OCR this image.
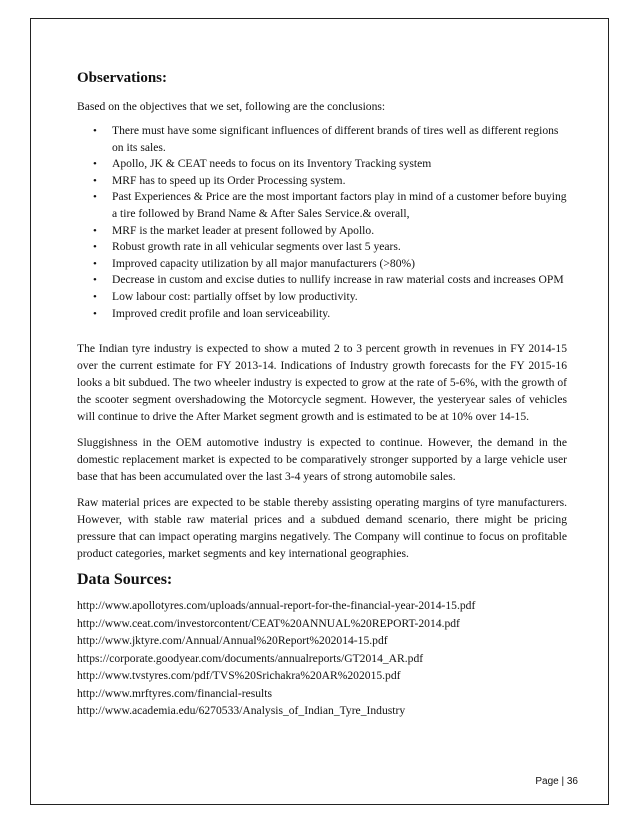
Observations:

Based on the objectives that we set, following are the conclusions:

• There must have some significant influences of different brands of tires well as different regions on its sales.
• Apollo, JK & CEAT needs to focus on its Inventory Tracking system
• MRF has to speed up its Order Processing system.
• Past Experiences & Price are the most important factors play in mind of a customer before buying a tire followed by Brand Name & After Sales Service.& overall,
• MRF is the market leader at present followed by Apollo.
• Robust growth rate in all vehicular segments over last 5 years.
• Improved capacity utilization by all major manufacturers (>80%)
• Decrease in custom and excise duties to nullify increase in raw material costs and increases OPM
• Low labour cost: partially offset by low productivity.
• Improved credit profile and loan serviceability.

The Indian tyre industry is expected to show a muted 2 to 3 percent growth in revenues in FY 2014-15 over the current estimate for FY 2013-14. Indications of Industry growth forecasts for the FY 2015-16 looks a bit subdued. The two wheeler industry is expected to grow at the rate of 5-6%, with the growth of the scooter segment overshadowing the Motorcycle segment. However, the yesteryear sales of vehicles will continue to drive the After Market segment growth and is estimated to be at 10% over 14-15.

Sluggishness in the OEM automotive industry is expected to continue. However, the demand in the domestic replacement market is expected to be comparatively stronger supported by a large vehicle user base that has been accumulated over the last 3-4 years of strong automobile sales.

Raw material prices are expected to be stable thereby assisting operating margins of tyre manufacturers. However, with stable raw material prices and a subdued demand scenario, there might be pricing pressure that can impact operating margins negatively. The Company will continue to focus on profitable product categories, market segments and key international geographies.

Data Sources:
http://www.apollotyres.com/uploads/annual-report-for-the-financial-year-2014-15.pdf
http://www.ceat.com/investorcontent/CEAT%20ANNUAL%20REPORT-2014.pdf
http://www.jktyre.com/Annual/Annual%20Report%202014-15.pdf
https://corporate.goodyear.com/documents/annualreports/GT2014_AR.pdf
http://www.tvstyres.com/pdf/TVS%20Srichakra%20AR%202015.pdf
http://www.mrftyres.com/financial-results
http://www.academia.edu/6270533/Analysis_of_Indian_Tyre_Industry
Page | 36
